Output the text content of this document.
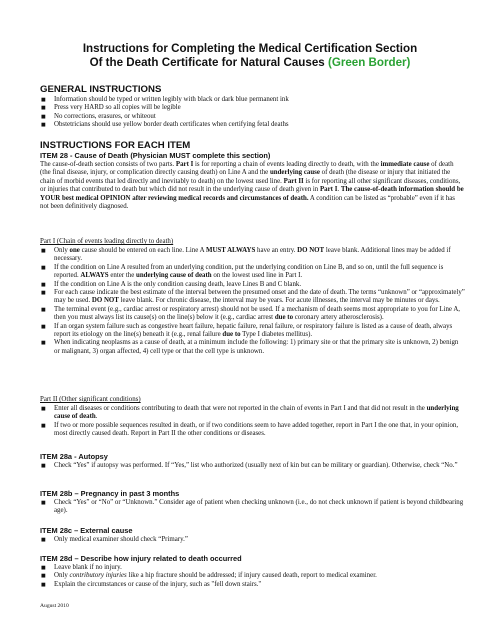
Instructions for Completing the Medical Certification Section
Of the Death Certificate for Natural Causes (Green Border)
GENERAL INSTRUCTIONS
■ Information should be typed or written legibly with black or dark blue permanent ink
■ Press very HARD so all copies will be legible
■ No corrections, erasures, or whiteout
■ Obstetricians should use yellow border death certificates when certifying fetal deaths
INSTRUCTIONS FOR EACH ITEM
ITEM 28 - Cause of Death (Physician MUST complete this section)
The cause-of-death section consists of two parts. Part I is for reporting a chain of events leading directly to death, with the immediate cause of death (the final disease, injury, or complication directly causing death) on Line A and the underlying cause of death (the disease or injury that initiated the chain of morbid events that led directly and inevitably to death) on the lowest used line. Part II is for reporting all other significant diseases, conditions, or injuries that contributed to death but which did not result in the underlying cause of death given in Part I. The cause-of-death information should be YOUR best medical OPINION after reviewing medical records and circumstances of death. A condition can be listed as “probable” even if it has not been definitively diagnosed.
Part I (Chain of events leading directly to death)
■ Only one cause should be entered on each line. Line A MUST ALWAYS have an entry. DO NOT leave blank. Additional lines may be added if necessary.
■ If the condition on Line A resulted from an underlying condition, put the underlying condition on Line B, and so on, until the full sequence is reported. ALWAYS enter the underlying cause of death on the lowest used line in Part I.
■ If the condition on Line A is the only condition causing death, leave Lines B and C blank.
■ For each cause indicate the best estimate of the interval between the presumed onset and the date of death. The terms “unknown” or “approximately” may be used. DO NOT leave blank. For chronic disease, the interval may be years. For acute illnesses, the interval may be minutes or days.
■ The terminal event (e.g., cardiac arrest or respiratory arrest) should not be used. If a mechanism of death seems most appropriate to you for Line A, then you must always list its cause(s) on the line(s) below it (e.g., cardiac arrest due to coronary artery atherosclerosis).
■ If an organ system failure such as congestive heart failure, hepatic failure, renal failure, or respiratory failure is listed as a cause of death, always report its etiology on the line(s) beneath it (e.g., renal failure due to Type I diabetes mellitus).
■ When indicating neoplasms as a cause of death, at a minimum include the following: 1) primary site or that the primary site is unknown, 2) benign or malignant, 3) organ affected, 4) cell type or that the cell type is unknown.
Part II (Other significant conditions)
■ Enter all diseases or conditions contributing to death that were not reported in the chain of events in Part I and that did not result in the underlying cause of death.
■ If two or more possible sequences resulted in death, or if two conditions seem to have added together, report in Part I the one that, in your opinion, most directly caused death. Report in Part II the other conditions or diseases.
ITEM 28a - Autopsy
■ Check “Yes” if autopsy was performed. If “Yes,” list who authorized (usually next of kin but can be military or guardian). Otherwise, check “No.”
ITEM 28b – Pregnancy in past 3 months
■ Check “Yes” or “No” or “Unknown.” Consider age of patient when checking unknown (i.e., do not check unknown if patient is beyond childbearing age).
ITEM 28c – External cause
■ Only medical examiner should check “Primary.”
ITEM 28d – Describe how injury related to death occurred
■ Leave blank if no injury.
■ Only contributory injuries like a hip fracture should be addressed; if injury caused death, report to medical examiner.
■ Explain the circumstances or cause of the injury, such as "fell down stairs."
August 2010
